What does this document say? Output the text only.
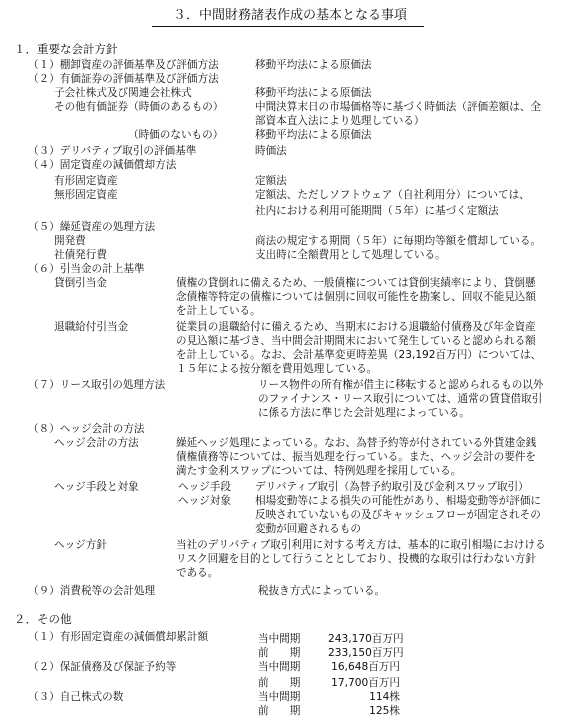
３．中間財務諸表作成の基本となる事項
１．重要な会計方針
（１）棚卸資産の評価基準及び評価方法	移動平均法による原価法
（２）有価証券の評価基準及び評価方法
子会社株式及び関連会社株式	移動平均法による原価法
その他有価証券（時価のあるもの）	中間決算末日の市場価格等に基づく時価法（評価差額は、全
部資本直入法により処理している）
（時価のないもの）	移動平均法による原価法
（３）デリバティブ取引の評価基準	時価法
（４）固定資産の減価償却方法
有形固定資産	定額法
無形固定資産	定額法、ただしソフトウェア（自社利用分）については、
社内における利用可能期間（５年）に基づく定額法
（５）繰延資産の処理方法
開発費	商法の規定する期間（５年）に毎期均等額を償却している。
社債発行費	支出時に全額費用として処理している。
（６）引当金の計上基準
貸倒引当金	債権の貸倒れに備えるため、一般債権については貸倒実績率により、貸倒懸
念債権等特定の債権については個別に回収可能性を勘案し、回収不能見込額
を計上している。
退職給付引当金	従業員の退職給付に備えるため、当期末における退職給付債務及び年金資産
の見込額に基づき、当中間会計期間末において発生していると認められる額
を計上している。なお、会計基準変更時差異（23,192百万円）については、
１５年による按分額を費用処理している。
（７）リース取引の処理方法	リース物件の所有権が借主に移転すると認められるもの以外
のファイナンス・リース取引については、通常の賃貸借取引
に係る方法に準じた会計処理によっている。
（８）ヘッジ会計の方法
ヘッジ会計の方法	繰延ヘッジ処理によっている。なお、為替予約等が付されている外貨建金銭
債権債務等については、振当処理を行っている。また、ヘッジ会計の要件を
満たす金利スワップについては、特例処理を採用している。
ヘッジ手段と対象	ヘッジ手段 デリバティブ取引（為替予約取引及び金利スワップ取引）
ヘッジ対象 相場変動等による損失の可能性があり、相場変動等が評価に
反映されていないもの及びキャッシュフローが固定されその
変動が回避されるもの
ヘッジ方針	当社のデリバティブ取引利用に対する考え方は、基本的に取引相場におけける
リスク回避を目的として行うこととしており、投機的な取引は行わない方針
である。
（９）消費税等の会計処理	税抜き方式によっている。
２．その他
（１）有形固定資産の減価償却累計額	当中間期	243,170百万円
前　　期	233,150百万円
（２）保証債務及び保証予約等	当中間期	16,648百万円
前　　期	17,700百万円
（３）自己株式の数	当中間期	114株
前　　期	125株
